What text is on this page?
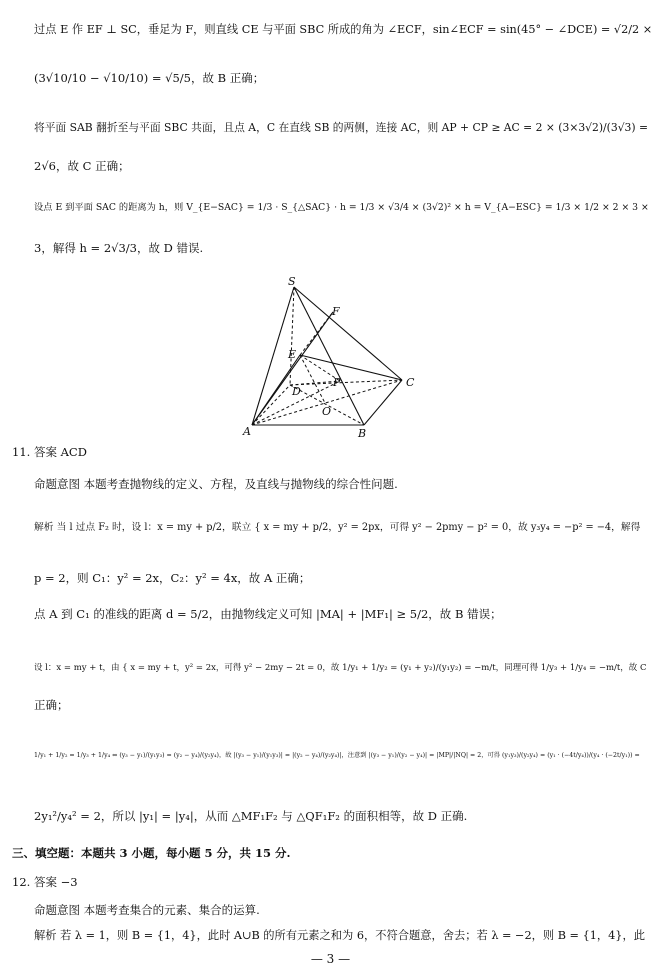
过点 E 作 EF ⊥ SC，垂足为 F，则直线 CE 与平面 SBC 所成的角为 ∠ECF，sin∠ECF = sin(45° − ∠DCE) = √2/2 ×
(3√10/10 − √10/10) = √5/5，故 B 正确；
将平面 SAB 翻折至与平面 SBC 共面，且点 A，C 在直线 SB 的两侧，连接 AC，则 AP + CP ≥ AC = 2 × (3×3√2)/(3√3) =
2√6，故 C 正确；
设点 E 到平面 SAC 的距离为 h，则 V_{E−SAC} = 1/3 · S_{△SAC} · h = 1/3 × √3/4 × (3√2)² × h = V_{A−ESC} = 1/3 × 1/2 × 2 × 3 ×
3，解得 h = 2√3/3，故 D 错误.
S
F
E
D
P	C
O
A	B
11. 答案 ACD
命题意图 本题考查抛物线的定义、方程，及直线与抛物线的综合性问题.
解析 当 l 过点 F₂ 时，设 l：x = my + p/2，联立 { x = my + p/2，y² = 2px，可得 y² − 2pmy − p² = 0，故 y₃y₄ = −p² = −4，解得
p = 2，则 C₁：y² = 2x，C₂：y² = 4x，故 A 正确；
点 A 到 C₁ 的准线的距离 d = 5/2，由抛物线定义可知 |MA| + |MF₁| ≥ 5/2，故 B 错误；
设 l：x = my + t，由 { x = my + t，y² = 2x，可得 y² − 2my − 2t = 0，故 1/y₁ + 1/y₂ = (y₁ + y₂)/(y₁y₂) = −m/t，同理可得 1/y₃ + 1/y₄ = −m/t，故 C
正确；
1/y₁ + 1/y₂ = 1/y₃ + 1/y₄ ⇔ (y₃ − y₁)/(y₁y₃) = (y₂ − y₄)/(y₂y₄)，故 |(y₃ − y₁)/(y₁y₃)| = |(y₂ − y₄)/(y₂y₄)|，注意到 |(y₃ − y₁)/(y₂ − y₄)| = |MP|/|NQ| = 2，可得 (y₁y₃)/(y₂y₄) = (y₁ · (−4t/y₄))/(y₄ · (−2t/y₁)) =
2y₁²/y₄² = 2，所以 |y₁| = |y₄|，从而 △MF₁F₂ 与 △QF₁F₂ 的面积相等，故 D 正确.
三、填空题：本题共 3 小题，每小题 5 分，共 15 分.
12. 答案 −3
命题意图 本题考查集合的元素、集合的运算.
解析 若 λ = 1，则 B = {1，4}，此时 A∪B 的所有元素之和为 6，不符合题意，舍去；若 λ = −2，则 B = {1，4}，此
— 3 —
